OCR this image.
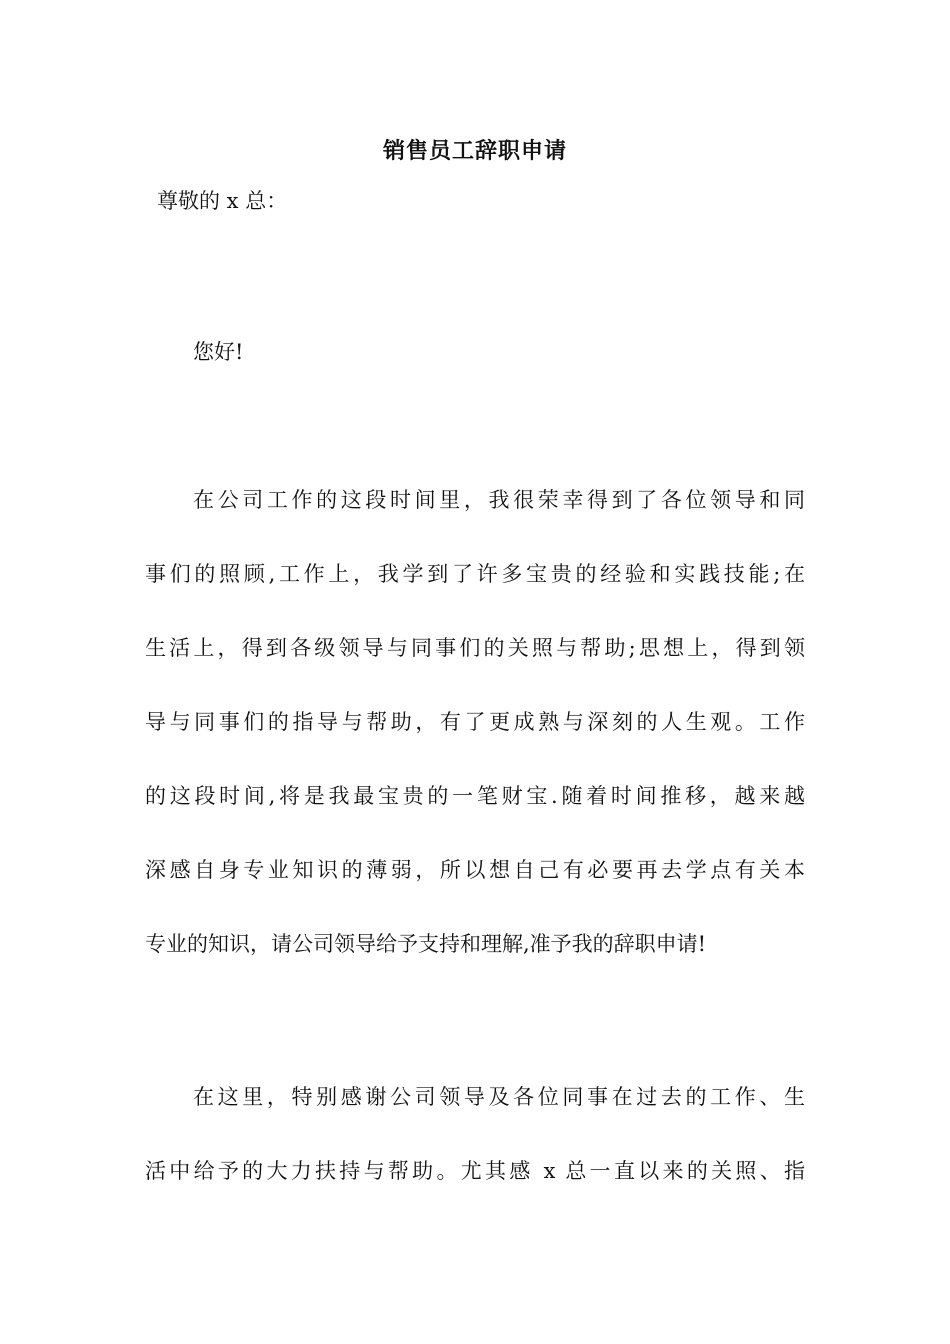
销售员工辞职申请
尊敬的 x 总：
您好!
在公司工作的这段时间里，我很荣幸得到了各位领导和同
事们的照顾,工作上，我学到了许多宝贵的经验和实践技能;在
生活上，得到各级领导与同事们的关照与帮助;思想上，得到领
导与同事们的指导与帮助，有了更成熟与深刻的人生观。工作
的这段时间,将是我最宝贵的一笔财宝.随着时间推移，越来越
深感自身专业知识的薄弱，所以想自己有必要再去学点有关本
专业的知识，请公司领导给予支持和理解,准予我的辞职申请!
在这里，特别感谢公司领导及各位同事在过去的工作、生
活中给予的大力扶持与帮助。尤其感 x 总一直以来的关照、指
